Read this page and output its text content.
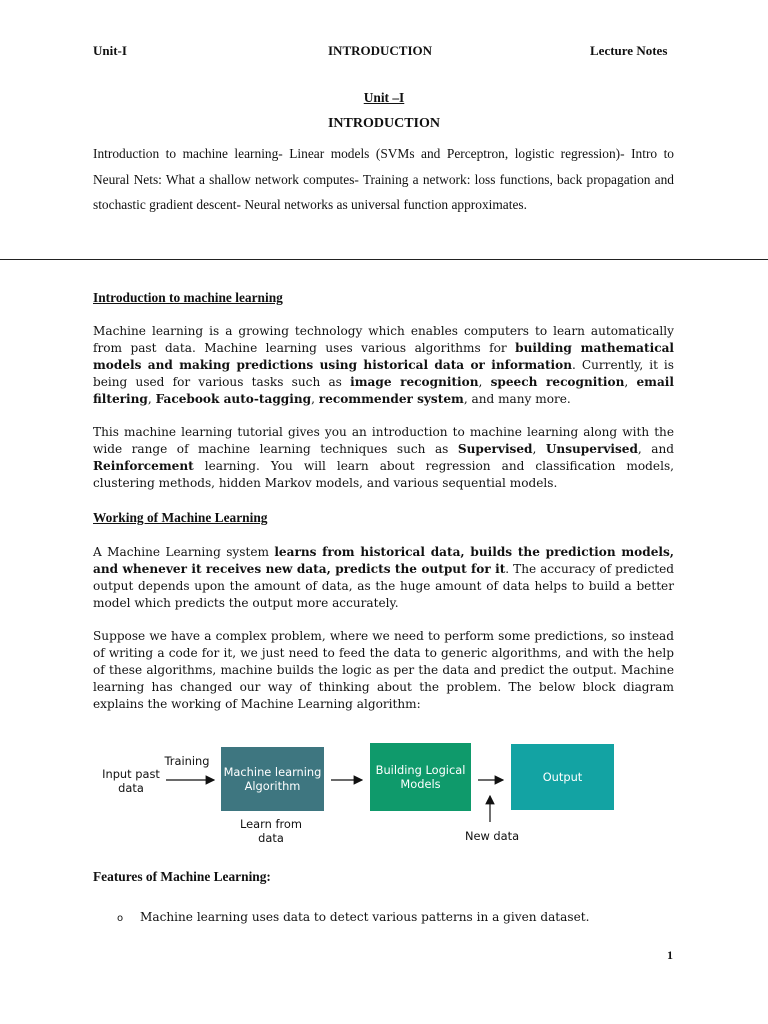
Unit-I	INTRODUCTION	Lecture Notes
Unit –I
INTRODUCTION
Introduction to machine learning- Linear models (SVMs and Perceptron, logistic regression)- Intro to Neural Nets: What a shallow network computes- Training a network: loss functions, back propagation and stochastic gradient descent- Neural networks as universal function approximates.
Introduction to machine learning
Machine learning is a growing technology which enables computers to learn automatically from past data. Machine learning uses various algorithms for building mathematical models and making predictions using historical data or information. Currently, it is being used for various tasks such as image recognition, speech recognition, email filtering, Facebook auto-tagging, recommender system, and many more.
This machine learning tutorial gives you an introduction to machine learning along with the wide range of machine learning techniques such as Supervised, Unsupervised, and Reinforcement learning. You will learn about regression and classification models, clustering methods, hidden Markov models, and various sequential models.
Working of Machine Learning
A Machine Learning system learns from historical data, builds the prediction models, and whenever it receives new data, predicts the output for it. The accuracy of predicted output depends upon the amount of data, as the huge amount of data helps to build a better model which predicts the output more accurately.
Suppose we have a complex problem, where we need to perform some predictions, so instead of writing a code for it, we just need to feed the data to generic algorithms, and with the help of these algorithms, machine builds the logic as per the data and predict the output. Machine learning has changed our way of thinking about the problem. The below block diagram explains the working of Machine Learning algorithm:
Input past data
Training
Machine learning Algorithm
Learn from data
Building Logical Models	Output
New data
Features of Machine Learning:
o Machine learning uses data to detect various patterns in a given dataset.
1
